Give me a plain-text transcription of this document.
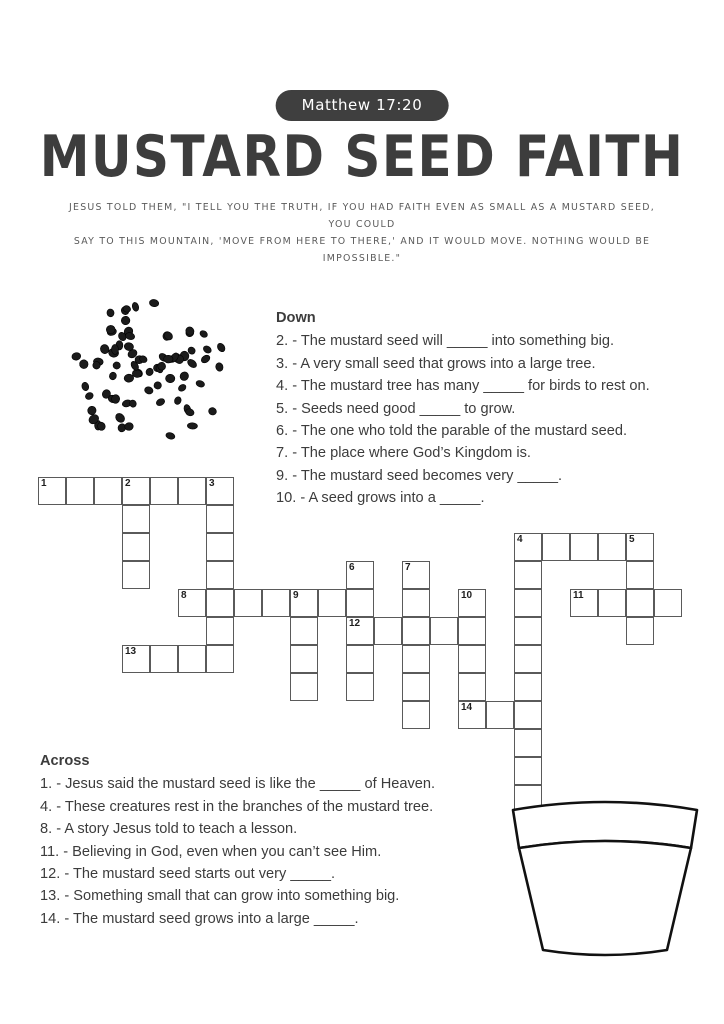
Matthew 17:20
MUSTARD SEED FAITH
JESUS TOLD THEM, "I TELL YOU THE TRUTH, IF YOU HAD FAITH EVEN AS SMALL AS A MUSTARD SEED, YOU COULD
SAY TO THIS MOUNTAIN, 'MOVE FROM HERE TO THERE,' AND IT WOULD MOVE. NOTHING WOULD BE IMPOSSIBLE."
Down
2. - The mustard seed will _____ into something big.
3. - A very small seed that grows into a large tree.
4. - The mustard tree has many _____ for birds to rest on.
5. - Seeds need good _____ to grow.
6. - The one who told the parable of the mustard seed.
7. - The place where God’s Kingdom is.
9. - The mustard seed becomes very _____.
10. - A seed grows into a _____.
1	2	3
4	5
6
12
7
8	9	10
14
11
13
Across
1. - Jesus said the mustard seed is like the _____ of Heaven.
4. - These creatures rest in the branches of the mustard tree.
8. - A story Jesus told to teach a lesson.
11. - Believing in God, even when you can’t see Him.
12. - The mustard seed starts out very _____.
13. - Something small that can grow into something big.
14. - The mustard seed grows into a large _____.
